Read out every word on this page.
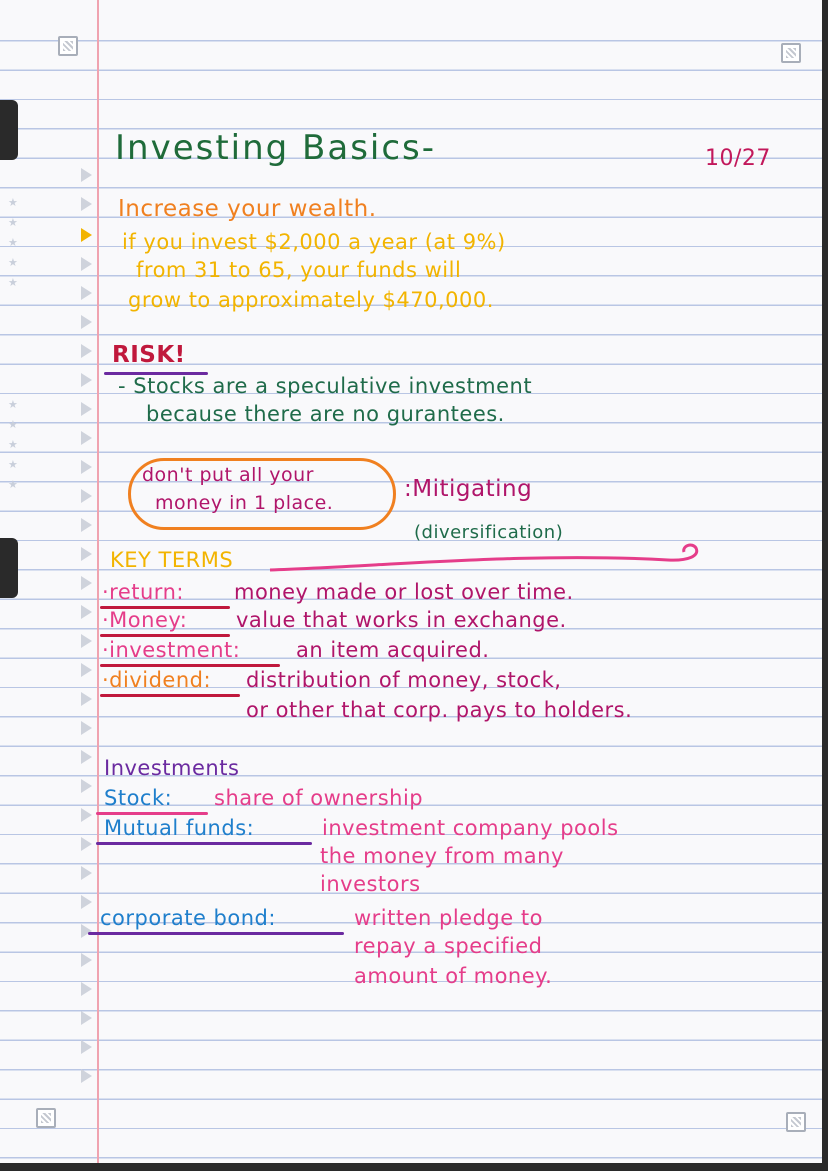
★
★
★
★
★
★
★
★
★
★
Investing Basics-	10/27
Increase your wealth.
if you invest $2,000 a year (at 9%)
from 31 to 65, your funds will
grow to approximately $470,000.
RISK!
- Stocks are a speculative investment
because there are no gurantees.
don't put all your
money in 1 place.
:Mitigating
(diversification)
KEY TERMS
·return: money made or lost over time.
·Money: value that works in exchange.
·investment:	an item acquired.
·dividend: distribution of money, stock,
or other that corp. pays to holders.
Investments
Stock: share of ownership
Mutual funds:	investment company pools
the money from many
investors
corporate bond:	written pledge to
repay a specified
amount of money.
